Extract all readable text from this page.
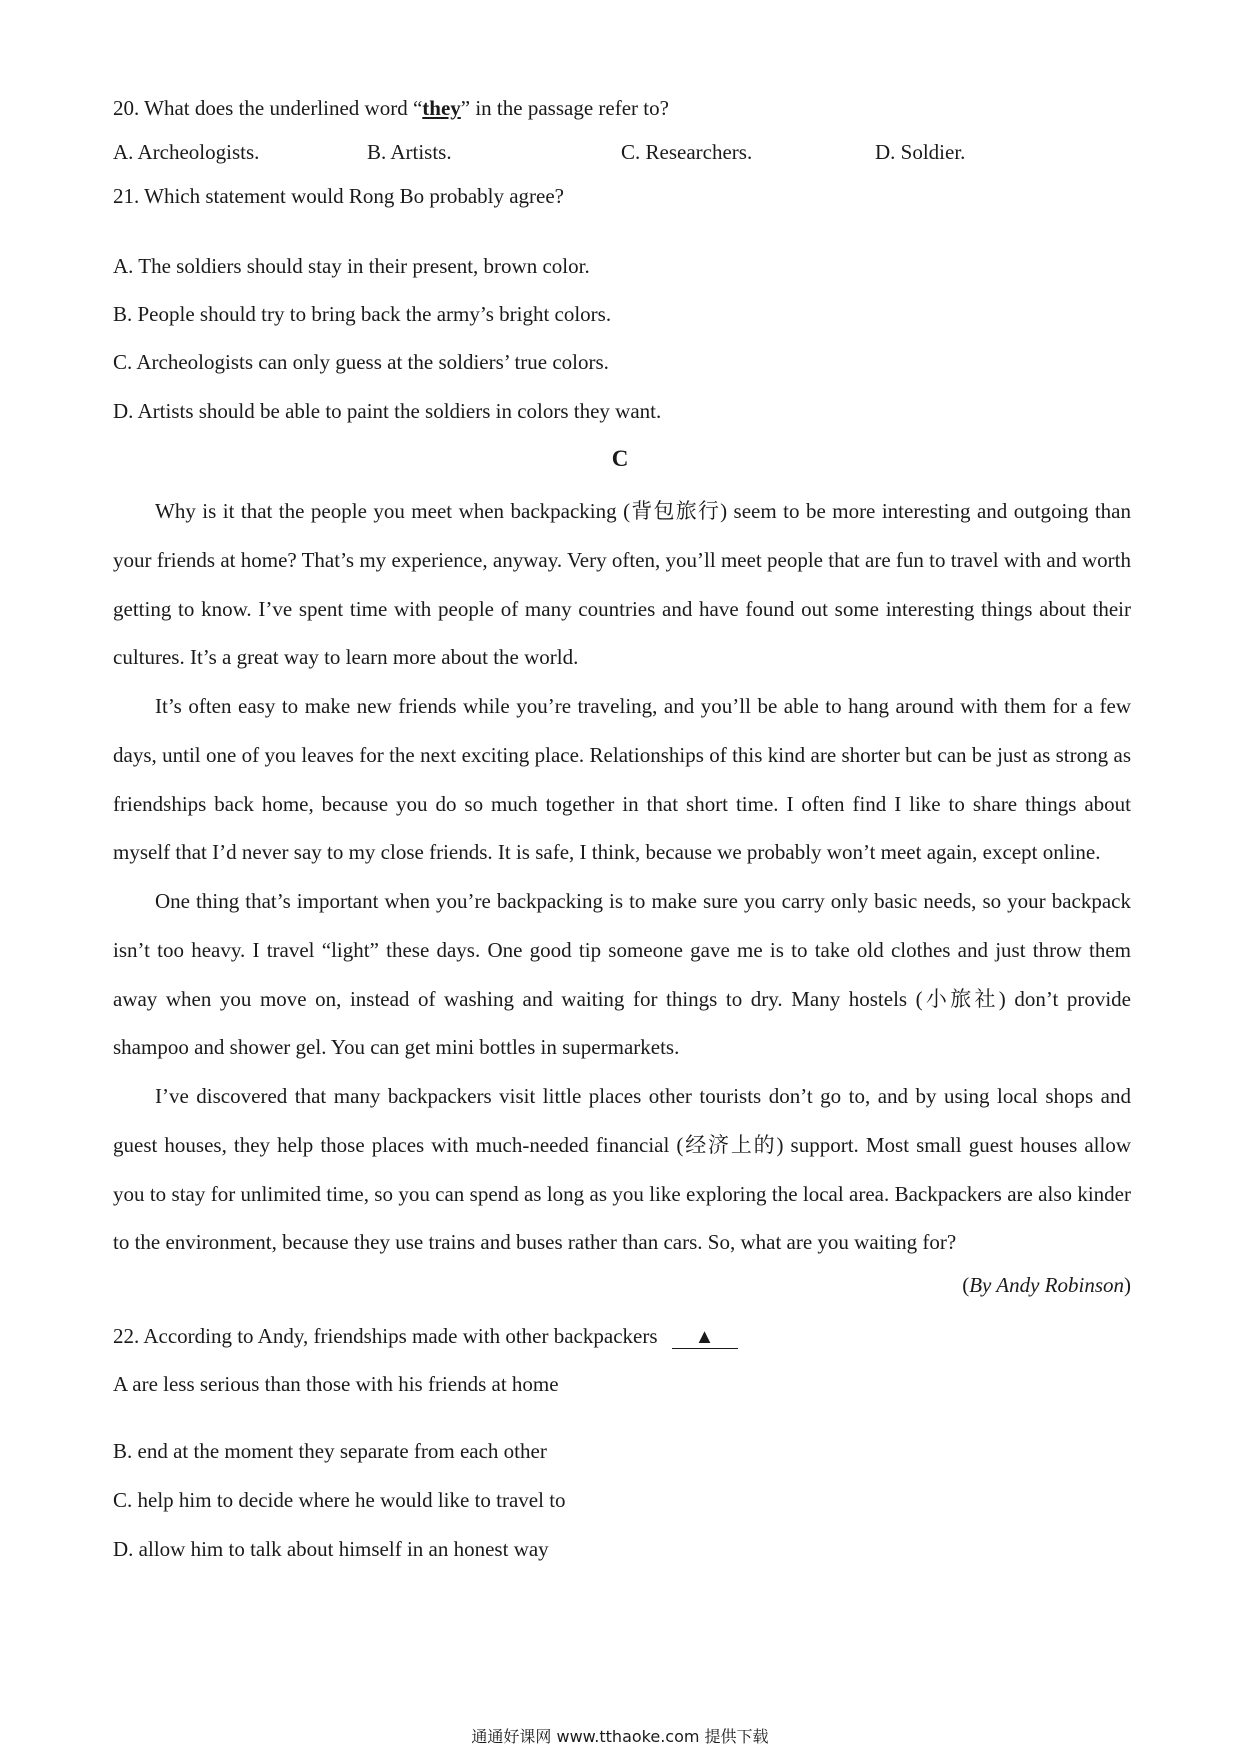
20. What does the underlined word “they” in the passage refer to?
A. Archeologists.	B. Artists.	C. Researchers.	D. Soldier.
21. Which statement would Rong Bo probably agree?
A. The soldiers should stay in their present, brown color.
B. People should try to bring back the army’s bright colors.
C. Archeologists can only guess at the soldiers’ true colors.
D. Artists should be able to paint the soldiers in colors they want.
C

Why is it that the people you meet when backpacking (背包旅行) seem to be more interesting and outgoing than your friends at home? That’s my experience, anyway. Very often, you’ll meet people that are fun to travel with and worth getting to know. I’ve spent time with people of many countries and have found out some interesting things about their cultures. It’s a great way to learn more about the world.

It’s often easy to make new friends while you’re traveling, and you’ll be able to hang around with them for a few days, until one of you leaves for the next exciting place. Relationships of this kind are shorter but can be just as strong as friendships back home, because you do so much together in that short time. I often find I like to share things about myself that I’d never say to my close friends. It is safe, I think, because we probably won’t meet again, except online.

One thing that’s important when you’re backpacking is to make sure you carry only basic needs, so your backpack isn’t too heavy. I travel “light” these days. One good tip someone gave me is to take old clothes and just throw them away when you move on, instead of washing and waiting for things to dry. Many hostels (小旅社) don’t provide shampoo and shower gel. You can get mini bottles in supermarkets.

I’ve discovered that many backpackers visit little places other tourists don’t go to, and by using local shops and guest houses, they help those places with much-needed financial (经济上的) support. Most small guest houses allow you to stay for unlimited time, so you can spend as long as you like exploring the local area. Backpackers are also kinder to the environment, because they use trains and buses rather than cars. So, what are you waiting for?

(By Andy Robinson)
22. According to Andy, friendships made with other backpackers ▲
A are less serious than those with his friends at home
B. end at the moment they separate from each other
C. help him to decide where he would like to travel to
D. allow him to talk about himself in an honest way
通通好课网 www.tthaoke.com 提供下载
